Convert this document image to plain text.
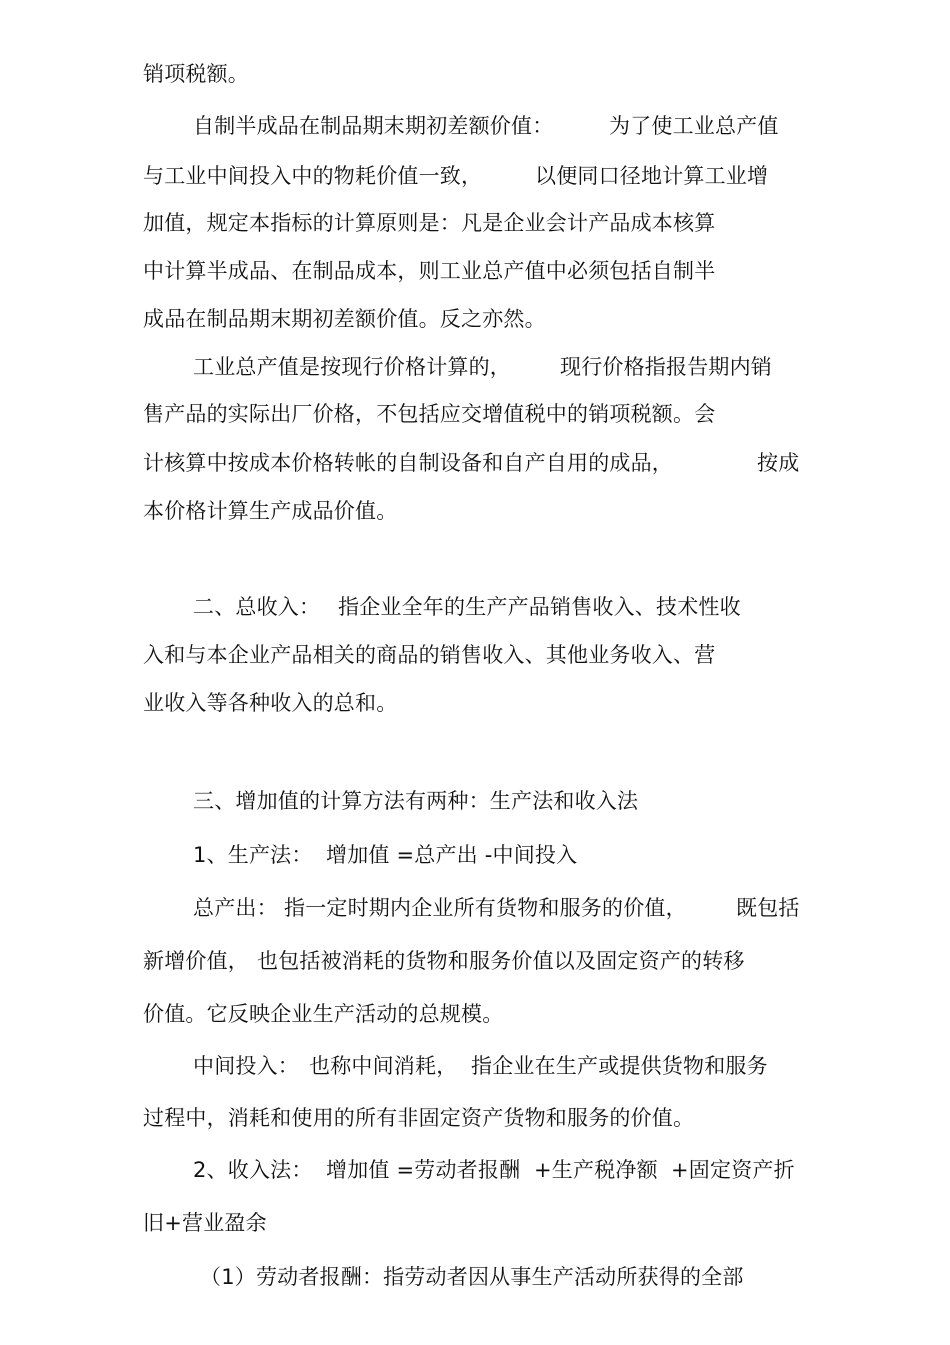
销项税额。
自制半成品在制品期末期初差额价值：	为了使工业总产值
与工业中间投入中的物耗价值一致，	以便同口径地计算工业增
加值，规定本指标的计算原则是：凡是企业会计产品成本核算
中计算半成品、在制品成本，则工业总产值中必须包括自制半
成品在制品期末期初差额价值。反之亦然。
工业总产值是按现行价格计算的， 现行价格指报告期内销
售产品的实际出厂价格，不包括应交增值税中的销项税额。会
计核算中按成本价格转帐的自制设备和自产自用的成品，	按成
本价格计算生产成品价值。
二、总收入： 指企业全年的生产产品销售收入、技术性收
入和与本企业产品相关的商品的销售收入、其他业务收入、营
业收入等各种收入的总和。
三、增加值的计算方法有两种：生产法和收入法
1、生产法： 增加值 =总产出 -中间投入
总产出： 指一定时期内企业所有货物和服务的价值， 既包括
新增价值， 也包括被消耗的货物和服务价值以及固定资产的转移
价值。它反映企业生产活动的总规模。
中间投入： 也称中间消耗， 指企业在生产或提供货物和服务
过程中，消耗和使用的所有非固定资产货物和服务的价值。
2、收入法： 增加值 =劳动者报酬 +生产税净额 +固定资产折
旧+营业盈余
（1）劳动者报酬：指劳动者因从事生产活动所获得的全部
